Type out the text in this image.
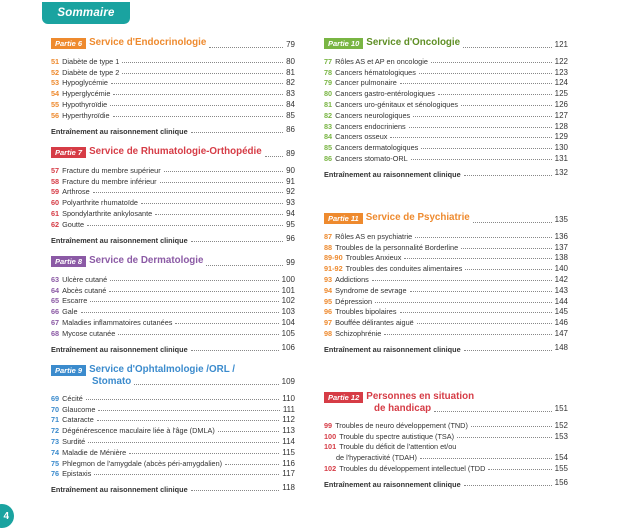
Sommaire
Partie 6 Service d'Endocrinologie	79
51 Diabète de type 1	80
52 Diabète de type 2	81
53 Hypoglycémie	82
54 Hyperglycémie	83
55 Hypothyroïdie	84
56 Hyperthyroïdie	85
Entraînement au raisonnement clinique	86
Partie 7 Service de Rhumatologie-Orthopédie	89
57 Fracture du membre supérieur	90
58 Fracture du membre inférieur	91
59 Arthrose	92
60 Polyarthrite rhumatoïde	93
61 Spondylarthrite ankylosante	94
62 Goutte	95
Entraînement au raisonnement clinique	96
Partie 8 Service de Dermatologie	99
63 Ulcère cutané	100
64 Abcès cutané	101
65 Escarre	102
66 Gale	103
67 Maladies inflammatoires cutanées	104
68 Mycose cutanée	105
Entraînement au raisonnement clinique	106
Partie 9 Service d'Ophtalmologie /ORL /
Stomato	109
69 Cécité	110
70 Glaucome	111
71 Cataracte	112
72 Dégénérescence maculaire liée à l'âge (DMLA)	113
73 Surdité	114
74 Maladie de Ménière	115
75 Phlegmon de l'amygdale (abcès péri-amygdalien)	116
76 Epistaxis	117
Entraînement au raisonnement clinique	118
Partie 10 Service d'Oncologie	121
77 Rôles AS et AP en oncologie	122
78 Cancers hématologiques	123
79 Cancer pulmonaire	124
80 Cancers gastro-entérologiques	125
81 Cancers uro-génitaux et sénologiques	126
82 Cancers neurologiques	127
83 Cancers endocriniens	128
84 Cancers osseux	129
85 Cancers dermatologiques	130
86 Cancers stomato-ORL	131
Entraînement au raisonnement clinique	132
Partie 11 Service de Psychiatrie	135
87 Rôles AS en psychiatrie	136
88 Troubles de la personnalité Borderline	137
89-90 Troubles Anxieux	138
91-92 Troubles des conduites alimentaires	140
93 Addictions	142
94 Syndrome de sevrage	143
95 Dépression	144
96 Troubles bipolaires	145
97 Bouffée délirantes aiguë	146
98 Schizophrénie	147
Entraînement au raisonnement clinique	148
Partie 12 Personnes en situation
de handicap	151
99 Troubles de neuro développement (TND)	152
100 Trouble du spectre autistique (TSA)	153
101 Trouble du déficit de l'attention et/ou
de l'hyperactivité (TDAH)	154
102 Troubles du développement intellectuel (TDD	155
Entraînement au raisonnement clinique	156
4
